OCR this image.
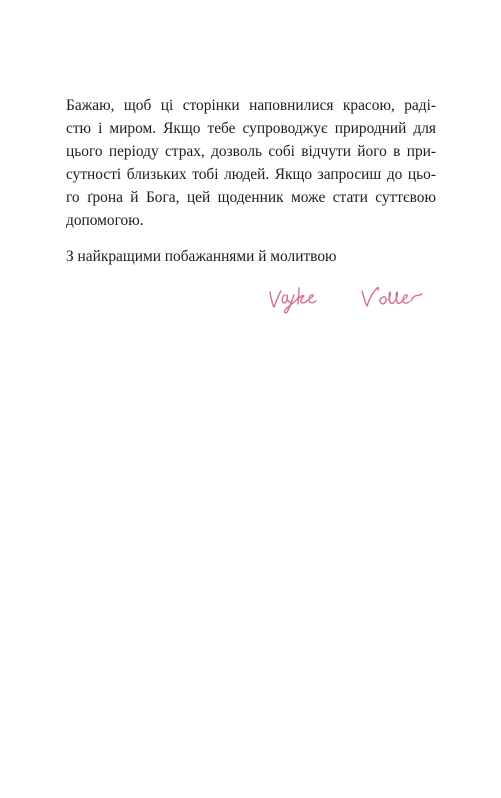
Бажаю, щоб ці сторінки наповнилися красою, раді-
стю і миром. Якщо тебе супроводжує природний для
цього періоду страх, дозволь собі відчути його в при-
сутності близьких тобі людей. Якщо запросиш до цьо-
го ґрона й Бога, цей щоденник може стати суттєвою
допомогою.
З найкращими побажаннями й молитвою
